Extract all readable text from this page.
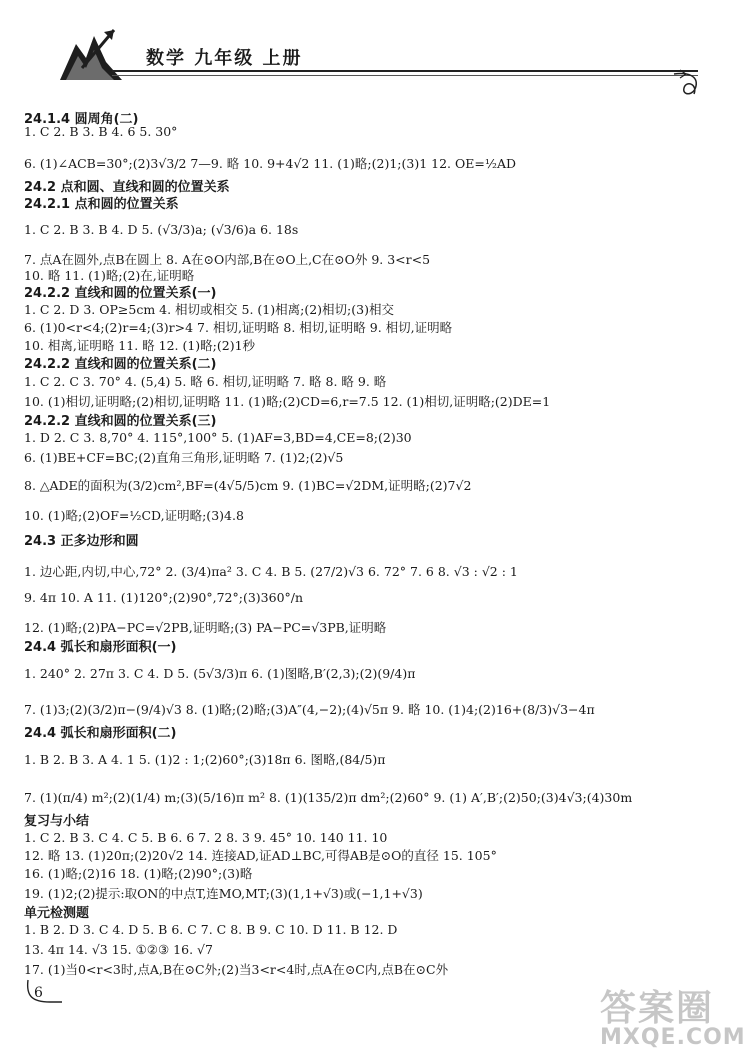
数学 九年级 上册
24.1.4 圆周角(二)
1. C 2. B 3. B 4. 6 5. 30°
6. (1)∠ACB=30°;(2)3√3/2 7—9. 略 10. 9+4√2 11. (1)略;(2)1;(3)1 12. OE=½AD
24.2 点和圆、直线和圆的位置关系
24.2.1 点和圆的位置关系
1. C 2. B 3. B 4. D 5. (√3/3)a; (√3/6)a 6. 18s
7. 点A在圆外,点B在圆上 8. A在⊙O内部,B在⊙O上,C在⊙O外 9. 3<r<5
10. 略 11. (1)略;(2)在,证明略
24.2.2 直线和圆的位置关系(一)
1. C 2. D 3. OP≥5cm 4. 相切或相交 5. (1)相离;(2)相切;(3)相交
6. (1)0<r<4;(2)r=4;(3)r>4 7. 相切,证明略 8. 相切,证明略 9. 相切,证明略
10. 相离,证明略 11. 略 12. (1)略;(2)1秒
24.2.2 直线和圆的位置关系(二)
1. C 2. C 3. 70° 4. (5,4) 5. 略 6. 相切,证明略 7. 略 8. 略 9. 略
10. (1)相切,证明略;(2)相切,证明略 11. (1)略;(2)CD=6,r=7.5 12. (1)相切,证明略;(2)DE=1
24.2.2 直线和圆的位置关系(三)
1. D 2. C 3. 8,70° 4. 115°,100° 5. (1)AF=3,BD=4,CE=8;(2)30
6. (1)BE+CF=BC;(2)直角三角形,证明略 7. (1)2;(2)√5
8. △ADE的面积为(3/2)cm²,BF=(4√5/5)cm 9. (1)BC=√2DM,证明略;(2)7√2
10. (1)略;(2)OF=½CD,证明略;(3)4.8
24.3 正多边形和圆
1. 边心距,内切,中心,72° 2. (3/4)πa² 3. C 4. B 5. (27/2)√3 6. 72° 7. 6 8. √3 : √2 : 1
9. 4π 10. A 11. (1)120°;(2)90°,72°;(3)360°/n
12. (1)略;(2)PA−PC=√2PB,证明略;(3) PA−PC=√3PB,证明略
24.4 弧长和扇形面积(一)
1. 240° 2. 27π 3. C 4. D 5. (5√3/3)π 6. (1)图略,B′(2,3);(2)(9/4)π
7. (1)3;(2)(3/2)π−(9/4)√3 8. (1)略;(2)略;(3)A″(4,−2);(4)√5π 9. 略 10. (1)4;(2)16+(8/3)√3−4π
24.4 弧长和扇形面积(二)
1. B 2. B 3. A 4. 1 5. (1)2 : 1;(2)60°;(3)18π 6. 图略,(84/5)π
7. (1)(π/4) m²;(2)(1/4) m;(3)(5/16)π m² 8. (1)(135/2)π dm²;(2)60° 9. (1) A′,B′;(2)50;(3)4√3;(4)30m
复习与小结
1. C 2. B 3. C 4. C 5. B 6. 6 7. 2 8. 3 9. 45° 10. 140 11. 10
12. 略 13. (1)20π;(2)20√2 14. 连接AD,证AD⊥BC,可得AB是⊙O的直径 15. 105°
16. (1)略;(2)16 18. (1)略;(2)90°;(3)略
19. (1)2;(2)提示:取ON的中点T,连MO,MT;(3)(1,1+√3)或(−1,1+√3)
单元检测题
1. B 2. D 3. C 4. D 5. B 6. C 7. C 8. B 9. C 10. D 11. B 12. D
13. 4π 14. √3 15. ①②③ 16. √7
17. (1)当0<r<3时,点A,B在⊙C外;(2)当3<r<4时,点A在⊙C内,点B在⊙C外
6	答案圈
MXQE.COM
